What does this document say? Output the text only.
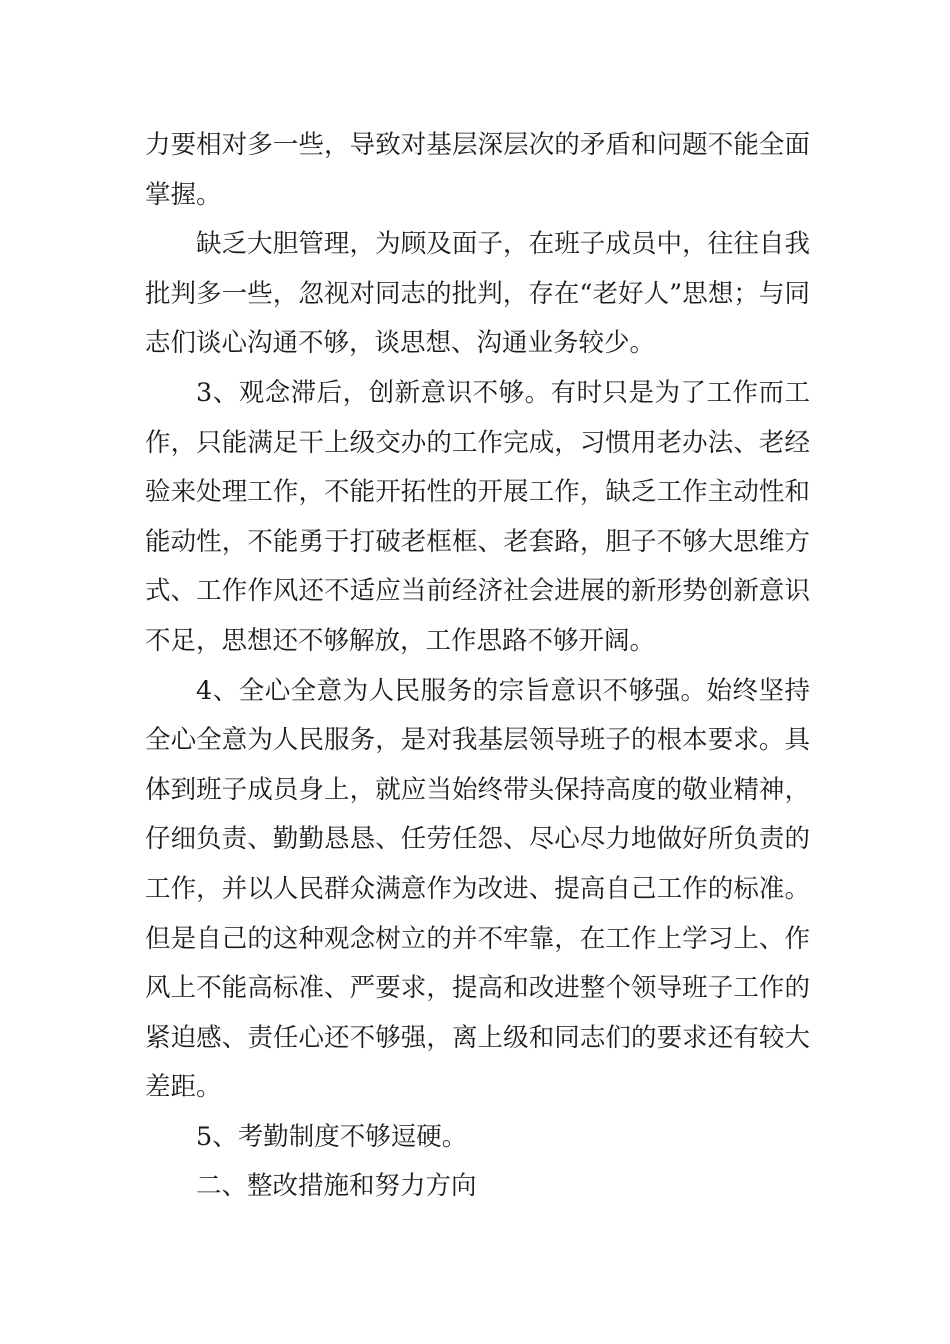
力要相对多一些，导致对基层深层次的矛盾和问题不能全面掌握。

缺乏大胆管理，为顾及面子，在班子成员中，往往自我批判多一些，忽视对同志的批判，存在“老好人”思想；与同志们谈心沟通不够，谈思想、沟通业务较少。

3、观念滞后，创新意识不够。有时只是为了工作而工作，只能满足干上级交办的工作完成，习惯用老办法、老经验来处理工作，不能开拓性的开展工作，缺乏工作主动性和能动性，不能勇于打破老框框、老套路，胆子不够大思维方式、工作作风还不适应当前经济社会进展的新形势创新意识不足，思想还不够解放，工作思路不够开阔。

4、全心全意为人民服务的宗旨意识不够强。始终坚持全心全意为人民服务，是对我基层领导班子的根本要求。具体到班子成员身上，就应当始终带头保持高度的敬业精神，仔细负责、勤勤恳恳、任劳任怨、尽心尽力地做好所负责的工作，并以人民群众满意作为改进、提高自己工作的标准。但是自己的这种观念树立的并不牢靠，在工作上学习上、作风上不能高标准、严要求，提高和改进整个领导班子工作的紧迫感、责任心还不够强，离上级和同志们的要求还有较大差距。

5、考勤制度不够逗硬。

二、整改措施和努力方向
